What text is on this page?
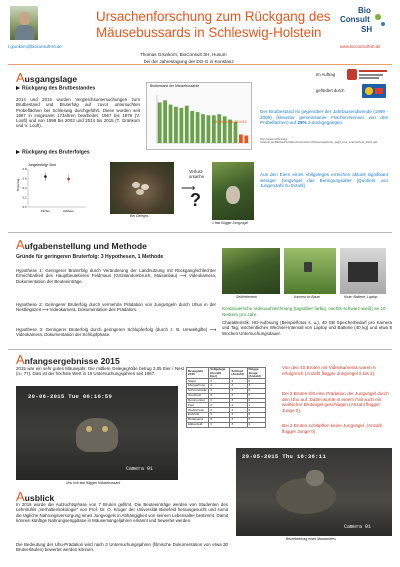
t.grunkorn@bioconsult-sh.de
Ursachenforschung zum Rückgang des
Mäusebussards in Schleswig-Holstein
Thomas Grünkorn, BioConsult SH, Husum
bei der Jahrestagung der DO-G in Konstanz
Bio
Consult
SH
www.bioconsult-sh.de
Ausgangslage	Im Auftrag
gefördert durch
Rückgang des Brutbestandes
2014 und 2015 wurden Vergleichsuntersuchungen zum Brutbestand und Bruterfolg auf zuvor untersuchten Probeflächen bei Schleswig durchgeführt. Diese wurden seit 1967 in insgesamt 17Jahren bearbeitet: 1967 bis 1976 (V. Looft) und von 1998 bis 2002 und 2014 bis 2015 (T. Grünkorn und V. Looft).
Brutbestand der Mäusebussarde
Brutbestand 2014/15
Der Brutbestand ist gegenüber der Jahrtausendwende (1999 - 2000) (kleinster gemeinsamer Flächen-Nenner von drei Probeflächen) auf 28% zurückgegangen.
http://www.schleswig-holstein.de/DE/Fachinhalte/A/artenschutz/Downloads/mb_Jagd_und_Artenschutz_2014.pdf
Rückgang des Bruterfolges
Junge/erfolgr. Brut
0.0
0.2
0.4
0.6
0.8
Bruterfolg
1970er	Jahrtaus.
Bei Geleges
Verlust-
ursache
⟶
?
1 fast flügger Jungvogel
Aus den Eiern eines Vollgeleges erreichen aktuell signifikant weniger Jungvögel das Beringungsalter [Quotient von Jungenzahl zu Eizahl].
Aufgabenstellung und Methode
Gründe für geringeren Bruterfolg: 3 Hypothesen, 1 Methode
Hypothese 1: Geringerer Bruterfolg durch Veränderung der Landnutzung mit Rückgang/schlechter Erreichbarkeit des Hauptbeutetieres Feldmaus (Grünlandumbruch, Maisanbau) ⟶ Videokamera, Dokumentation der Beuteeinträge.
Hypothese 2: Geringerer Bruterfolg durch vermehrte Prädation von Jungvögeln durch Uhus in der Nestlingszeit ⟶ Videokamera, Dokumentation des Prädators.
Hypothese 3: Geringerer Bruterfolg durch geringeren Schlupferfolg (durch z. B. Umweltgifte) ⟶ Videokamera, Dokumentation der Schlupfphase.
Seilkletterteck	Kamera im Baum	Kiste: Batterie, Laptop
Kontinuierliche Videoaufzeichnung (tagsüber farbig, nachts schwarz-weiß) an 10 Nestern pro Jahr.
Charakteristik: HD-Aufösung (Beispielfotos s. u.), 40 GB Speicherbedarf pro Kamera und Tag, wöchentliches Wechsel-Intervall von Laptop und Batterie (40 kg) und etwa 8 Wochen Untersuchungsdauer.
Anfangsergebnisse 2015
2015 war ein sehr gutes Mäusejahr. Die mittlere Gelegegröße betrug 3,05 Eier / Nest (n= 77). Dies ist der höchste Wert in 19 Untersuchungsjahren seit 1967.
20-06-2015 Tue 06:16:59
Camera 01
Uhu holt fast flüggen Mäusebussard
Bruteplatz 2015	Vollgelege (Anzahl Eier)	Schlupf (Anzahl)	Flügge Junge (Anzahl)
Slapp	3	3	0
Meggerhorg	3	3	3
Schuurstrade	3	3	0
Goosholz	3	3	3
Rummersiet	3	3	2
Pad	3	3	1
Wodrichson	3	3	0
Eulsholt	3	3	0
Rottelsand	3	3	3
Elkkenfeld	3	3	2
Von den 10 Bruten mit Videokameras waren 6 erfolgreich (Anzahl flügger Jungvögel 5 bis 2).
Bei 2 Bruten tritt eine Prädation der Jungvögel durch den Uhu auf. Dabei wurde in einem Fall auch ein weiblicher Brutvogel geschlagen (Anzahl flügger Junge 0).
Bei 2 Bruten schlüpften keine Jungvögel. (Anzahl flügger Junge 0).
29-05-2015 Thu 16:36:11
Camera 01
Beutebeintrag eines Mausbruttes
Ausblick
In 2016 wurde die Autzuchtsphase von 7 Bruten gefilmt. Die Beuteeinträge werden von Studenten des Lehrstuhls „Verhaltensökologie" von Prof. Dr. O. Krüger der Universität Bielefeld herausgesucht und somit die tägliche Nahrungsversorgung eines Jungvogels in Abhängigkeit von seinem Lebensalter bestimmt. Damit können künftige Nahrungsengpässe in Mäusemangeljahren erkannt und bewertet werden.
Die Bedeutung der Uhu-Prädation wird nach 3 Untersuchungsjahren (filmische Dokumentation von etwa 30 Brutverläufen) bewertet werden können.
